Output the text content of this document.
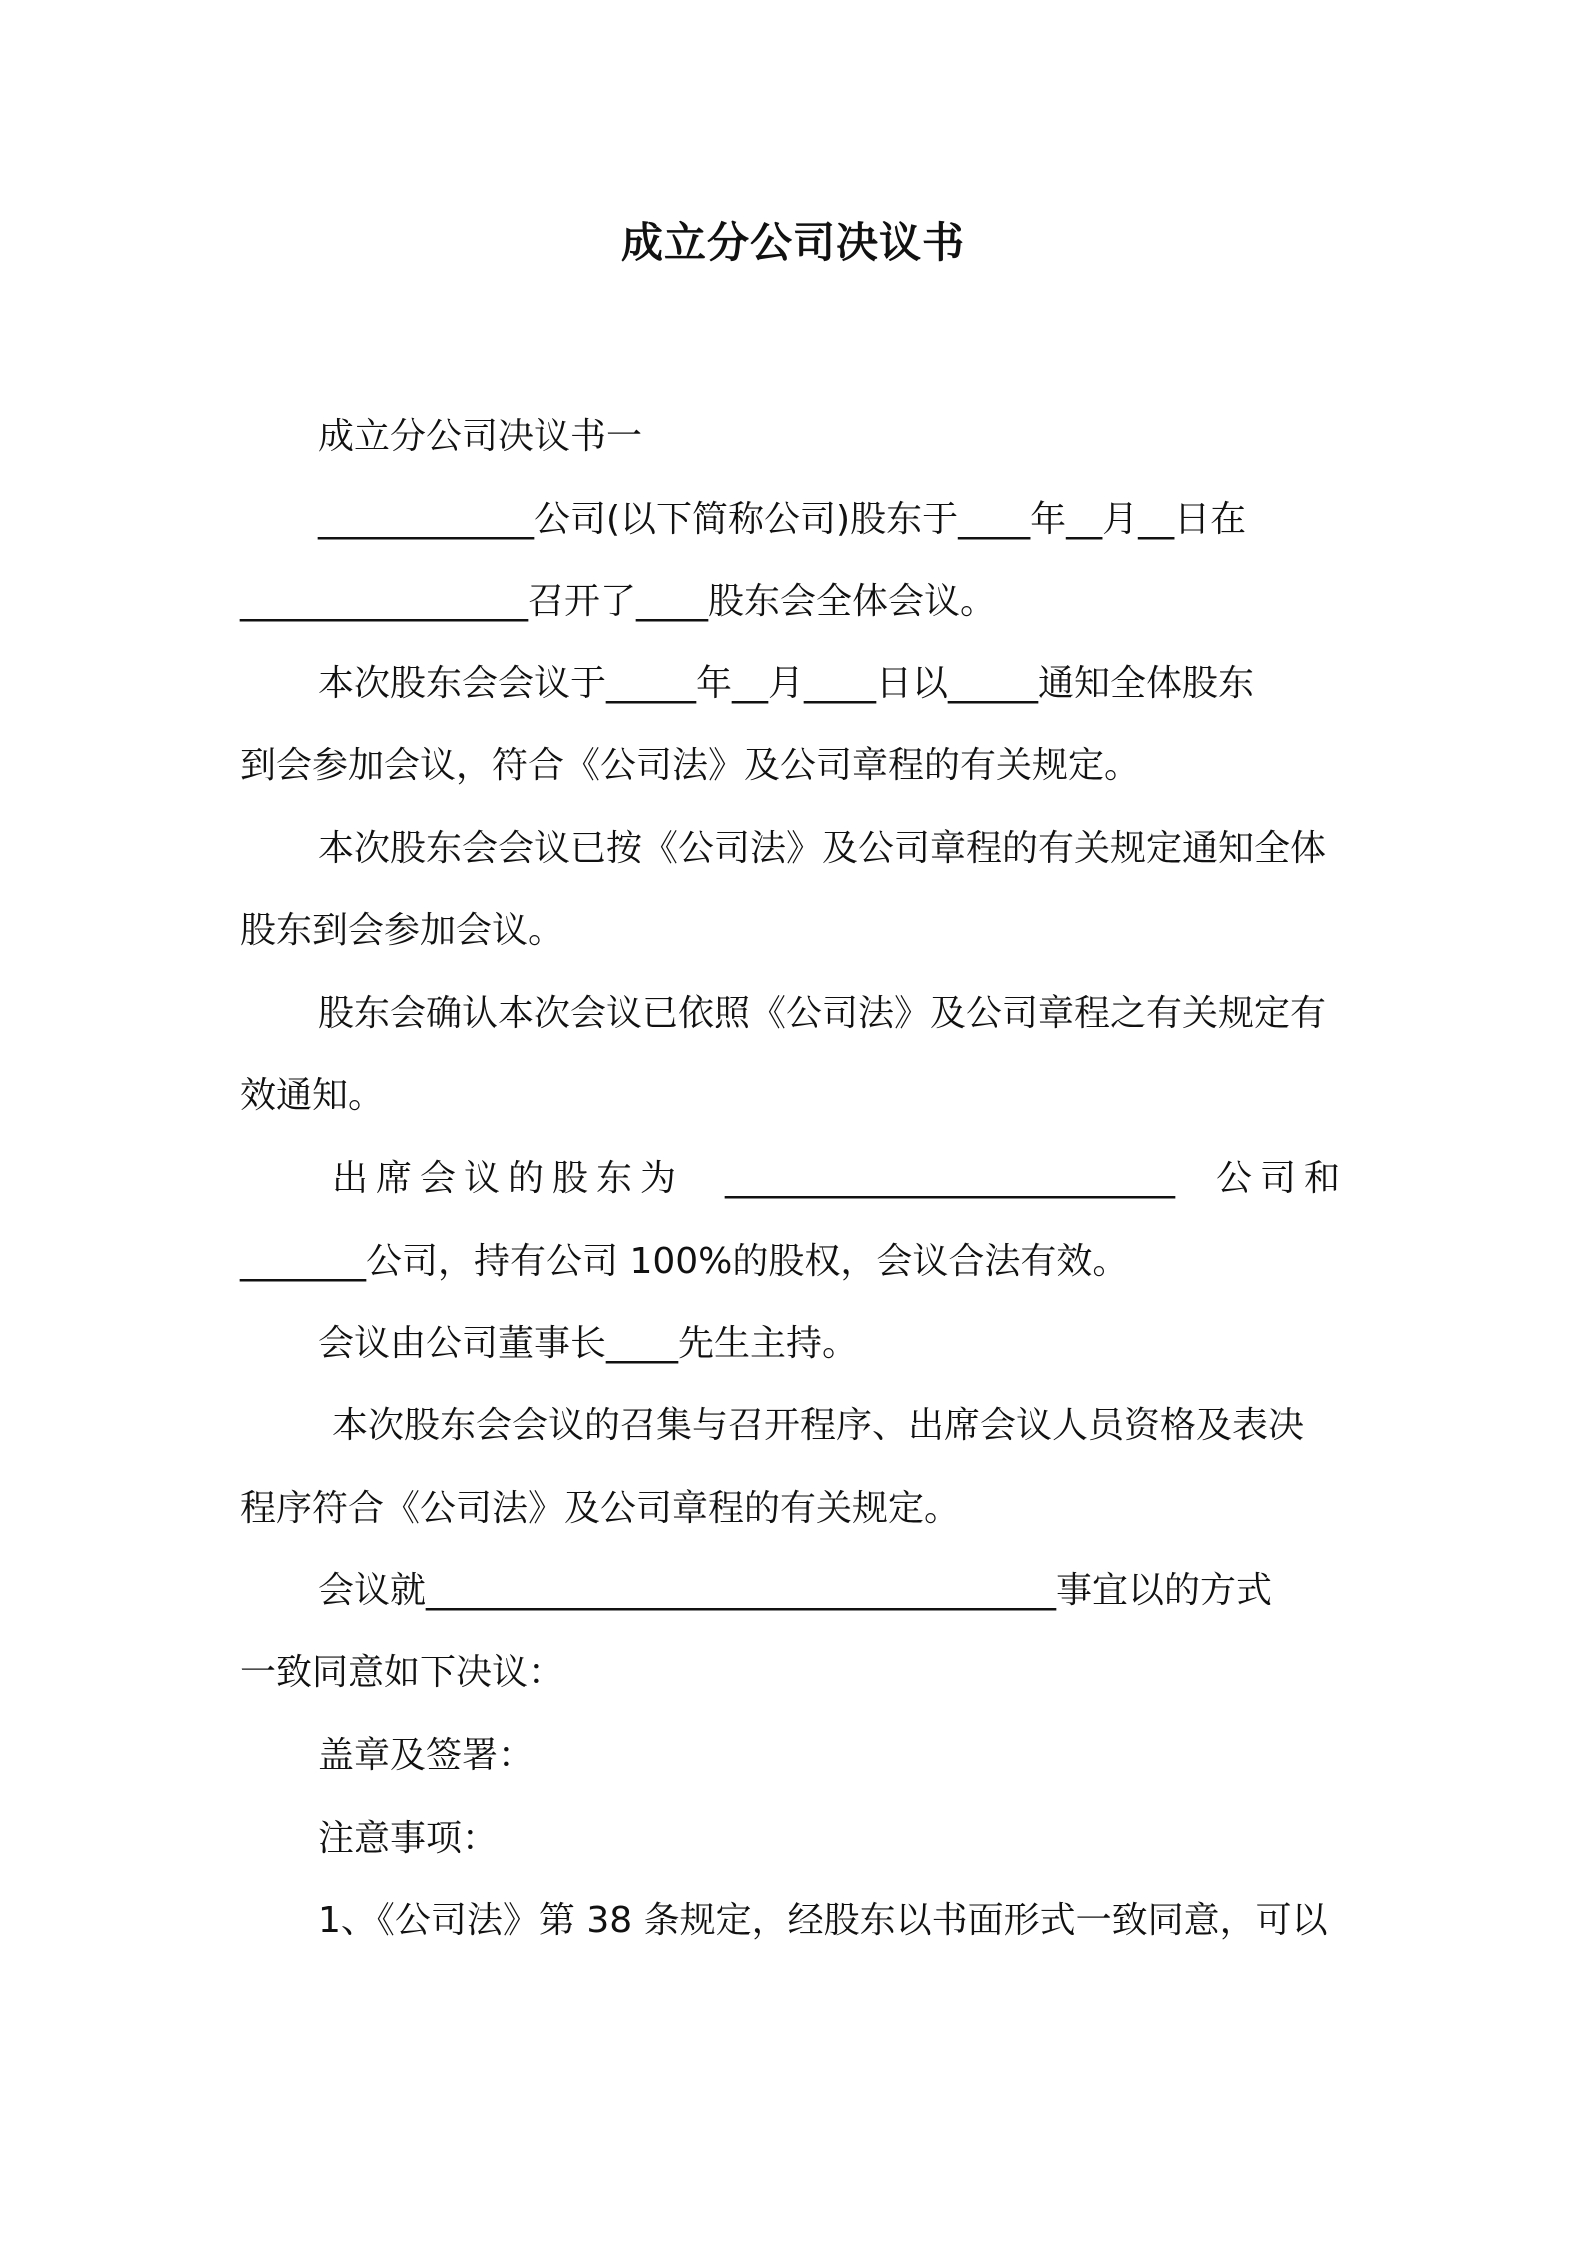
成立分公司决议书
成立分公司决议书一
____________公司(以下简称公司)股东于____年__月__日在
________________召开了____股东会全体会议。
本次股东会会议于_____年__月____日以_____通知全体股东
到会参加会议，符合《公司法》及公司章程的有关规定。
本次股东会会议已按《公司法》及公司章程的有关规定通知全体
股东到会参加会议。
股东会确认本次会议已依照《公司法》及公司章程之有关规定有
效通知。
出席会议的股东为 _________________________ 公司和
_______公司，持有公司 100%的股权，会议合法有效。
会议由公司董事长____先生主持。
本次股东会会议的召集与召开程序、出席会议人员资格及表决
程序符合《公司法》及公司章程的有关规定。
会议就___________________________________事宜以的方式
一致同意如下决议：
盖章及签署：
注意事项：
1、《公司法》第 38 条规定，经股东以书面形式一致同意，可以
